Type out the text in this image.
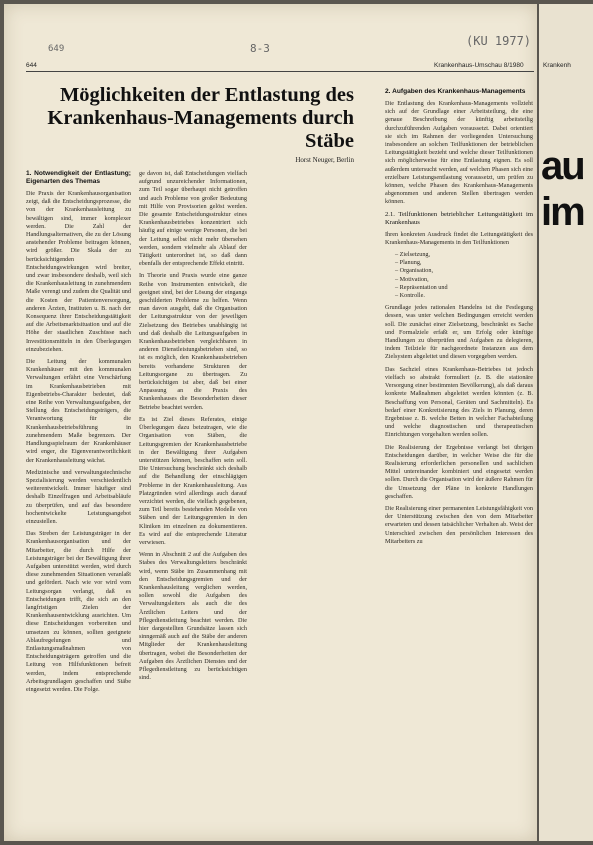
644	Krankenhaus-Umschau 8/1980
649	8-3
(KU 1977)
Möglichkeiten der Entlastung des Krankenhaus-Managements durch Stäbe
Horst Neuger, Berlin
1. Notwendigkeit der Entlastung; Eigenarten des Themas

Die Praxis der Krankenhausorganisation zeigt, daß die Entscheidungsprozesse, die von der Krankenhausleitung zu bewältigen sind, immer komplexer werden. Die Zahl der Handlungsalternativen, die zu der Lösung anstehender Probleme beitragen können, wird größer. Die Skala der zu berücksichtigenden Entscheidungswirkungen wird breiter, und zwar insbesondere deshalb, weil sich die Krankenhausleitung in zunehmendem Maße verengt und zudem die Qualität und die Kosten der Patientenversorgung, anderen Ärzten, Instituten u. B. nach der Konsequenz ihrer Entscheidungstätigkeit auf die Arbeitsmarktsituation und auf die Höhe der staatlichen Zuschüsse nach Investitionsmitteln in den Überlegungen einzubeziehen.

Die Leitung der kommunalen Krankenhäuser mit den kommunalen Verwaltungen erfährt eine Verschärfung im Krankenhausbetrieben mit Eigenbetriebs-Charakter bedeutet, daß eine Reihe von Verwaltungsaufgaben, der Stellung des Entscheidungsträgers, die Verantwortung für die Krankenhausbetriebsführung in zunehmendem Maße begrenzen. Der Handlungsspielraum der Krankenhäuser wird enger, die Eigenverantwortlichkeit der Krankenhausleitung wächst.

Medizinische und verwaltungstechnische Spezialisierung werden verschiedentlich weiterentwickelt. Immer häufiger sind deshalb Einzelfragen und Arbeitsabläufe zu überprüfen, und auf das besondere hochentwickelte Leistungsangebot einzustellen.

Das Streben der Leistungsträger in der Krankenhausorganisation und der Mitarbeiter, die durch Hilfe der Leistungsträger bei der Bewältigung ihrer Aufgaben unterstützt werden, wird durch diese zunehmenden Situationen veranlaßt und gefördert. Nach wie vor wird vom Leitungsorgan verlangt, daß es Entscheidungen trifft, die sich an den langfristigen Zielen der Krankenhausentwicklung ausrichten. Um diese Entscheidungen vorbereiten und umsetzen zu können, sollten geeignete Ablaufregelungen und Entlastungsmaßnahmen von Entscheidungsträgern getroffen und die Leitung von Hilfsfunktionen befreit werden, indem entsprechende Arbeitsgrundlagen geschaffen und Stäbe eingesetzt werden. Die Folge.

ge davon ist, daß Entscheidungen vielfach aufgrund unzureichender Informationen, zum Teil sogar überhaupt nicht getroffen und auch Probleme von großer Bedeutung mit Hilfe von Provisorien gelöst werden. Die gesamte Entscheidungsstruktur eines Krankenhausbetriebes konzentriert sich häufig auf einige wenige Personen, die bei der Leitung selbst nicht mehr übersehen werden, sondern vielmehr als Ablauf der Tätigkeit unterordnet ist, so daß dann ebenfalls der entsprechende Effekt eintritt.

In Theorie und Praxis wurde eine ganze Reihe von Instrumenten entwickelt, die geeignet sind, bei der Lösung der eingangs geschilderten Probleme zu helfen. Wenn man davon ausgeht, daß die Organisation der Leitungsstruktur von der jeweiligen Zielsetzung des Betriebes unabhängig ist und daß deshalb die Leitungsaufgaben in Krankenhausbetrieben vergleichbaren in anderen Dienstleistungsbetrieben sind, so ist es möglich, den Krankenhausbetrieben bereits vorhandene Strukturen der Leitungsorgane zu übertragen. Zu berücksichtigen ist aber, daß bei einer Anpassung an die Praxis des Krankenhauses die Besonderheiten dieser Betriebe beachtet werden.

Es ist Ziel dieses Referates, einige Überlegungen dazu beizutragen, wie die Organisation von Stäben, die Leitungsgremien der Krankenhausbetriebe in der Bewältigung ihrer Aufgaben unterstützen können, beschaffen sein soll. Die Untersuchung beschränkt sich deshalb auf die Behandlung der einschlägigen Probleme in der Krankenhausleitung. Aus Platzgründen wird allerdings auch darauf verzichtet werden, die vielfach gegebenen, zum Teil bereits bestehenden Modelle von Stäben und der Leitungsgremien in den Kliniken im einzelnen zu dokumentieren. Es wird auf die entsprechende Literatur verwiesen.

Wenn in Abschnitt 2 auf die Aufgaben des Stabes des Verwaltungsleiters beschränkt wird, wenn Stäbe im Zusammenhang mit den Entscheidungsgremien und der Krankenhausleitung verglichen werden, sollen sowohl die Aufgaben des Verwaltungsleiters als auch die des Ärztlichen Leiters und der Pflegedienstleitung beachtet werden. Die hier dargestellten Grundsätze lassen sich sinngemäß auch auf die Stäbe der anderen Mitglieder der Krankenhausleitung übertragen, wobei die Besonderheiten der Aufgaben des Ärztlichen Dienstes und der Pflegedienstleitung zu berücksichtigen sind.

2. Aufgaben des Krankenhaus-Managements

Die Entlastung des Krankenhaus-Managements vollzieht sich auf der Grundlage einer Arbeitsteilung, die eine genaue Beschreibung der künftig arbeitsteilig durchzuführenden Aufgaben voraussetzt. Dabei orientiert sie sich im Rahmen der vorliegenden Untersuchung insbesondere an solchen Teilfunktionen der betrieblichen Leitungstätigkeit bezieht und welche dieser Teilfunktionen sich möglicherweise für eine Entlastung eignen. Es soll außerdem untersucht werden, auf welchen Phasen sich eine erzielbare Leistungsentlastung voraussetzt, um prüfen zu können, welche Phasen des Krankenhaus-Managements abgenommen und anderen Stellen übertragen werden können.

2.1. Teilfunktionen betrieblicher Leitungstätigkeit im Krankenhaus

Ihren konkreten Ausdruck findet die Leitungstätigkeit des Krankenhaus-Managements in den Teilfunktionen

– Zielsetzung,
– Planung,
– Organisation,
– Motivation,
– Repräsentation und
– Kontrolle.

Grundlage jedes rationalen Handelns ist die Festlegung dessen, was unter welchen Bedingungen erreicht werden soll. Die zunächst einer Zielsetzung, beschränkt es Sache und Formalziele erfaßt er, um Erfolg oder künftige Handlungen zu überprüfen und Aufgaben zu delegieren, indem Teilziele für nachgeordnete Instanzen aus dem Zielsystem abgeleitet und diesen vorgegeben werden.

Das Sachziel eines Krankenhaus-Betriebes ist jedoch vielfach so abstrakt formuliert (z. B. die stationäre Versorgung einer bestimmten Bevölkerung), als daß daraus konkrete Maßnahmen abgeleitet werden könnten (z. B. Beschaffung von Personal, Geräten und Sachmitteln). Es bedarf einer Konkretisierung des Ziels in Planung, deren Ergebnisse z. B. welche Betten in welcher Fachabteilung und welche diagnostischen und therapeutischen Einrichtungen vorgehalten werden sollen.

Die Realisierung der Ergebnisse verlangt bei übrigen Entscheidungen darüber, in welcher Weise die für die Realisierung erforderlichen personellen und sachlichen Mittel untereinander kombiniert und eingesetzt werden sollen. Durch die Organisation wird der äußere Rahmen für die Umsetzung der Pläne in konkrete Handlungen geschaffen.

Die Realisierung einer permanenten Leistungsfähigkeit von der Unterstützung zwischen den von dem Mitarbeiter erwarteten und dessen tatsächlicher Verhalten ab. Weist der Unterschied zwischen den persönlichen Interessen des Mitarbeiters zu

Krankenh
au
im
